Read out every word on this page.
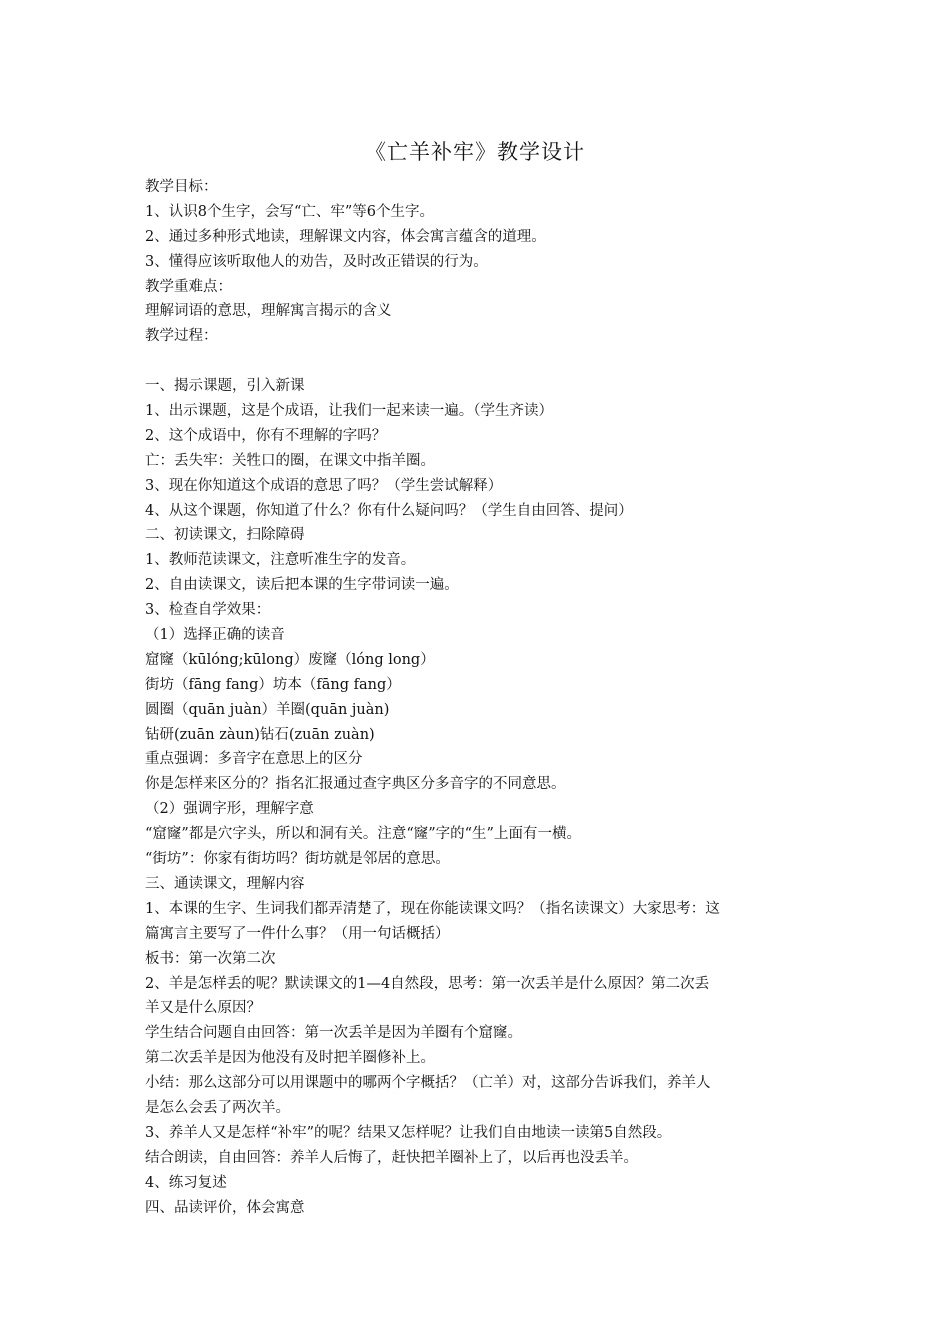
《亡羊补牢》教学设计
教学目标：
1、认识8个生字，会写“亡、牢”等6个生字。
2、通过多种形式地读，理解课文内容，体会寓言蕴含的道理。
3、懂得应该听取他人的劝告，及时改正错误的行为。
教学重难点：
理解词语的意思，理解寓言揭示的含义
教学过程：
一、揭示课题，引入新课
1、出示课题，这是个成语，让我们一起来读一遍。（学生齐读）
2、这个成语中，你有不理解的字吗？
亡：丢失牢：关牲口的圈，在课文中指羊圈。
3、现在你知道这个成语的意思了吗？（学生尝试解释）
4、从这个课题，你知道了什么？你有什么疑问吗？（学生自由回答、提问）
二、初读课文，扫除障碍
1、教师范读课文，注意听准生字的发音。
2、自由读课文，读后把本课的生字带词读一遍。
3、检查自学效果：
（1）选择正确的读音
窟窿（kūlóng;kūlong）废窿（lóng long）
街坊（fāng fang）坊本（fāng fang）
圆圈（quān juàn）羊圈(quān juàn)
钻研(zuān zàun)钻石(zuān zuàn)
重点强调：多音字在意思上的区分
你是怎样来区分的？指名汇报通过查字典区分多音字的不同意思。
（2）强调字形，理解字意
“窟窿”都是穴字头，所以和洞有关。注意“窿”字的“生”上面有一横。
“街坊”：你家有街坊吗？街坊就是邻居的意思。
三、通读课文，理解内容
1、本课的生字、生词我们都弄清楚了，现在你能读课文吗？（指名读课文）大家思考：这
篇寓言主要写了一件什么事？（用一句话概括）
板书：第一次第二次
2、羊是怎样丢的呢？默读课文的1—4自然段，思考：第一次丢羊是什么原因？第二次丢
羊又是什么原因？
学生结合问题自由回答：第一次丢羊是因为羊圈有个窟窿。
第二次丢羊是因为他没有及时把羊圈修补上。
小结：那么这部分可以用课题中的哪两个字概括？（亡羊）对，这部分告诉我们，养羊人
是怎么会丢了两次羊。
3、养羊人又是怎样“补牢”的呢？结果又怎样呢？让我们自由地读一读第5自然段。
结合朗读，自由回答：养羊人后悔了，赶快把羊圈补上了，以后再也没丢羊。
4、练习复述
四、品读评价，体会寓意
